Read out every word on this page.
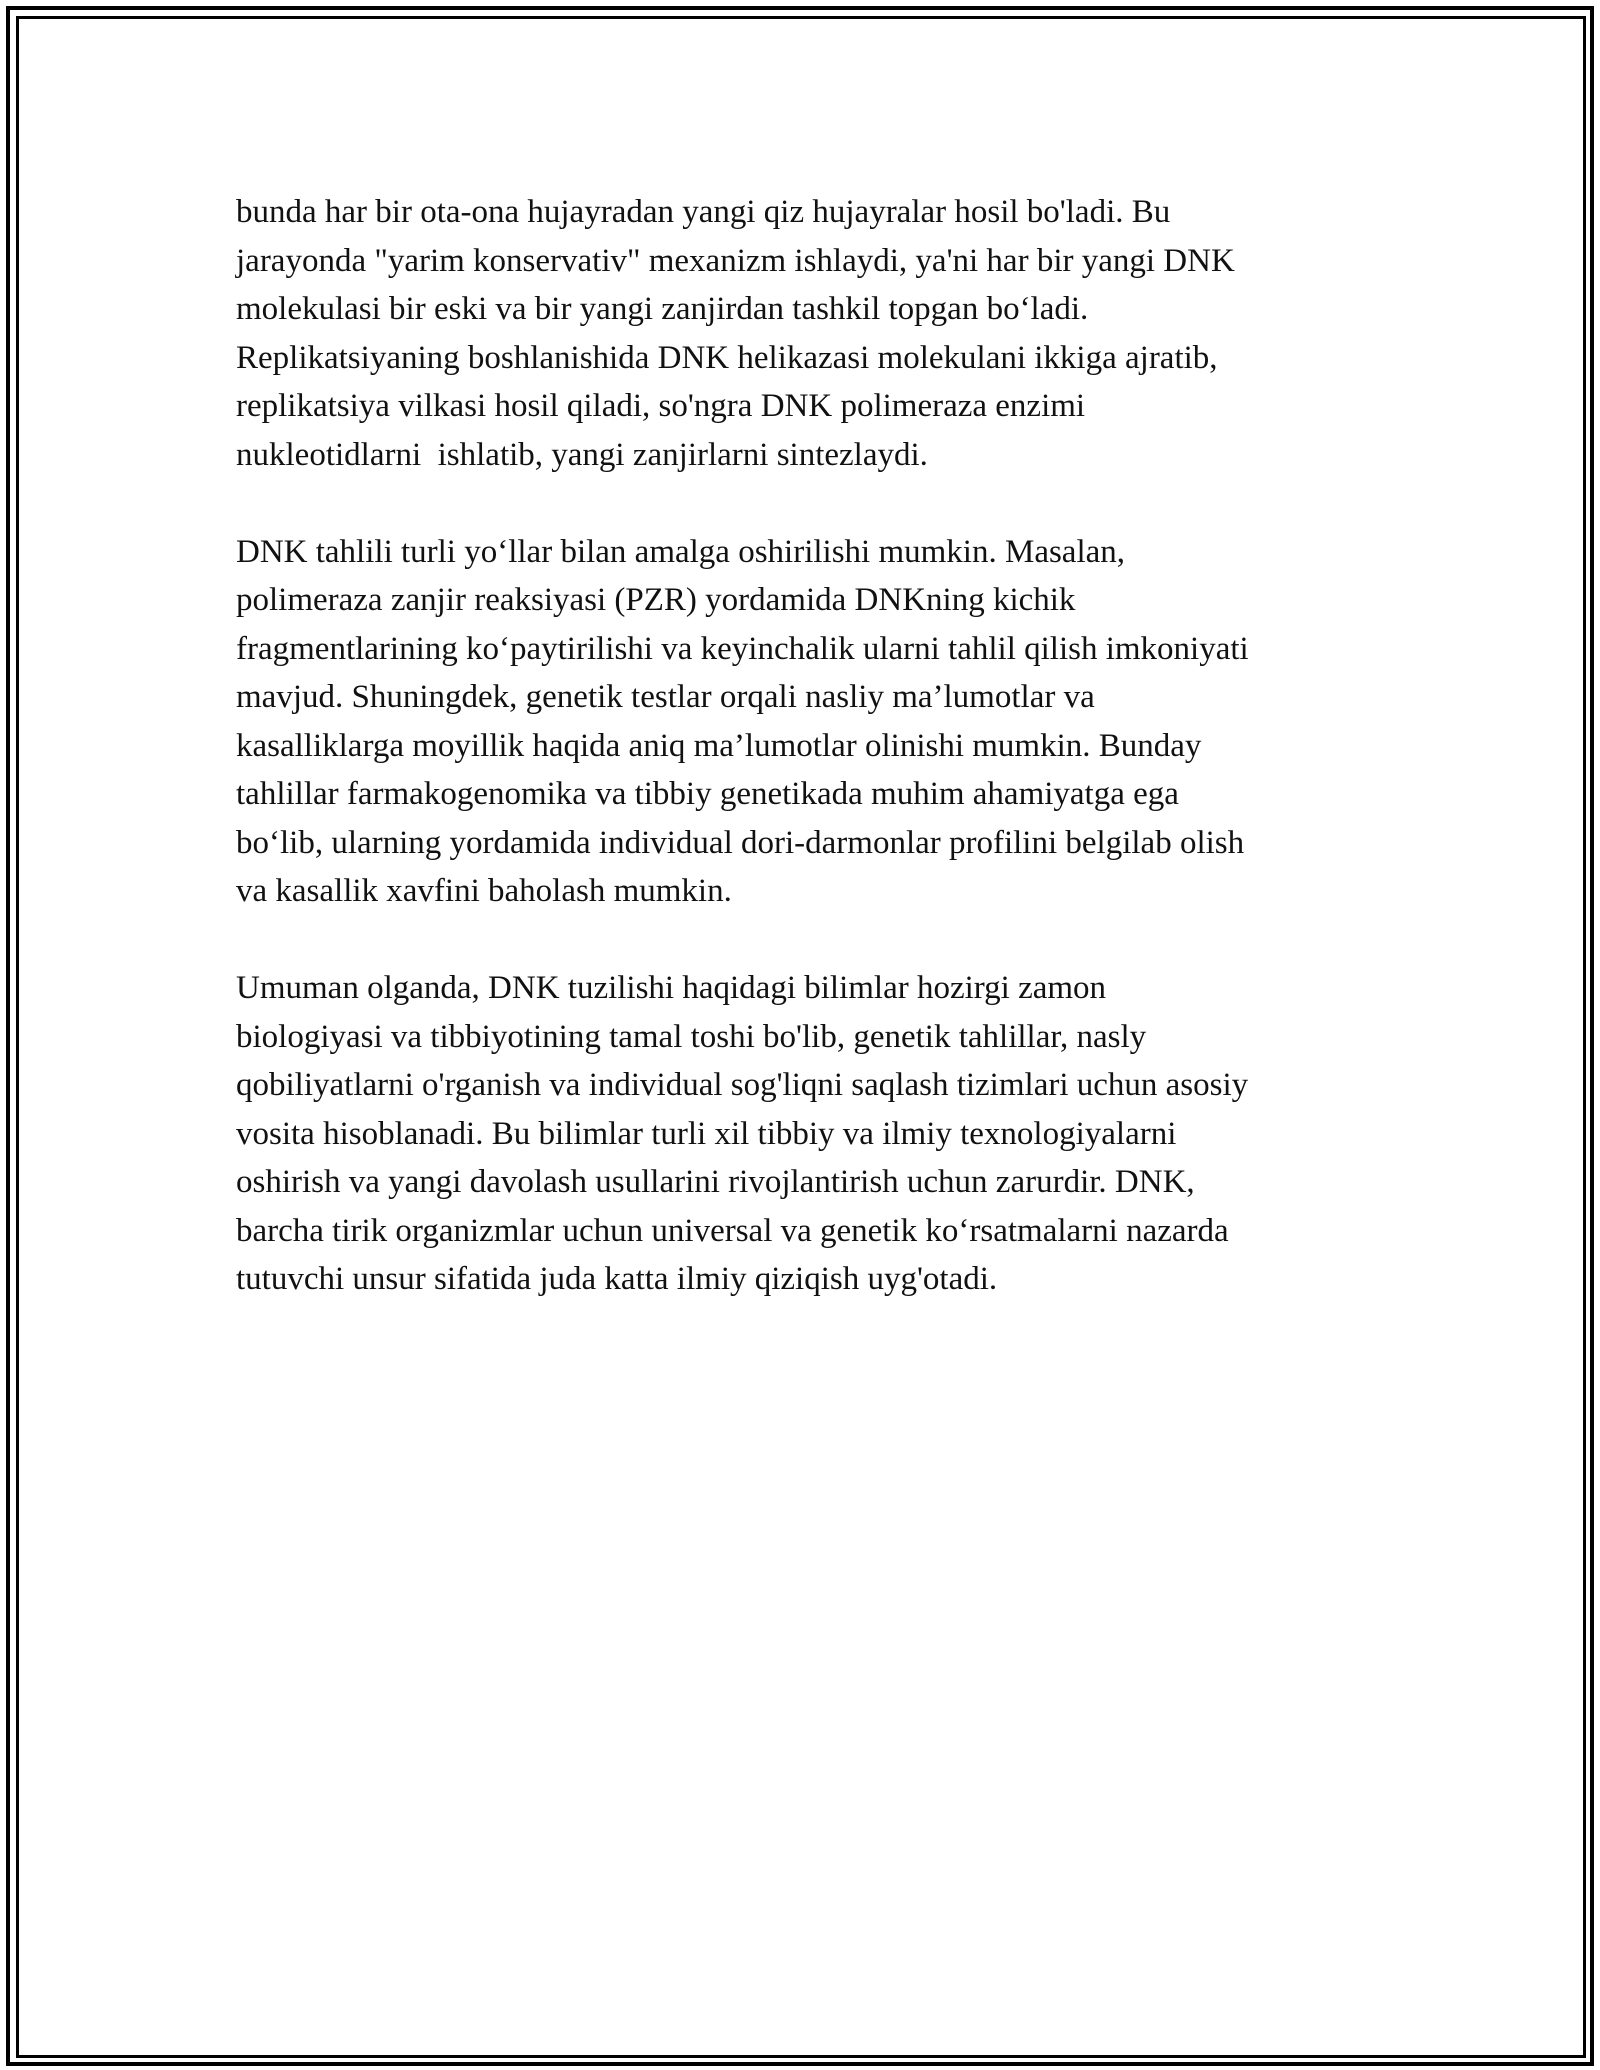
bunda har bir ota-ona hujayradan yangi qiz hujayralar hosil bo'ladi. Bu
jarayonda "yarim konservativ" mexanizm ishlaydi, ya'ni har bir yangi DNK
molekulasi bir eski va bir yangi zanjirdan tashkil topgan bo‘ladi.
Replikatsiyaning boshlanishida DNK helikazasi molekulani ikkiga ajratib,
replikatsiya vilkasi hosil qiladi, so'ngra DNK polimeraza enzimi
nukleotidlarni  ishlatib, yangi zanjirlarni sintezlaydi.

DNK tahlili turli yo‘llar bilan amalga oshirilishi mumkin. Masalan,
polimeraza zanjir reaksiyasi (PZR) yordamida DNKning kichik
fragmentlarining ko‘paytirilishi va keyinchalik ularni tahlil qilish imkoniyati
mavjud. Shuningdek, genetik testlar orqali nasliy ma’lumotlar va
kasalliklarga moyillik haqida aniq ma’lumotlar olinishi mumkin. Bunday
tahlillar farmakogenomika va tibbiy genetikada muhim ahamiyatga ega
bo‘lib, ularning yordamida individual dori-darmonlar profilini belgilab olish
va kasallik xavfini baholash mumkin.

Umuman olganda, DNK tuzilishi haqidagi bilimlar hozirgi zamon
biologiyasi va tibbiyotining tamal toshi bo'lib, genetik tahlillar, nasly
qobiliyatlarni o'rganish va individual sog'liqni saqlash tizimlari uchun asosiy
vosita hisoblanadi. Bu bilimlar turli xil tibbiy va ilmiy texnologiyalarni
oshirish va yangi davolash usullarini rivojlantirish uchun zarurdir. DNK,
barcha tirik organizmlar uchun universal va genetik ko‘rsatmalarni nazarda
tutuvchi unsur sifatida juda katta ilmiy qiziqish uyg'otadi.
